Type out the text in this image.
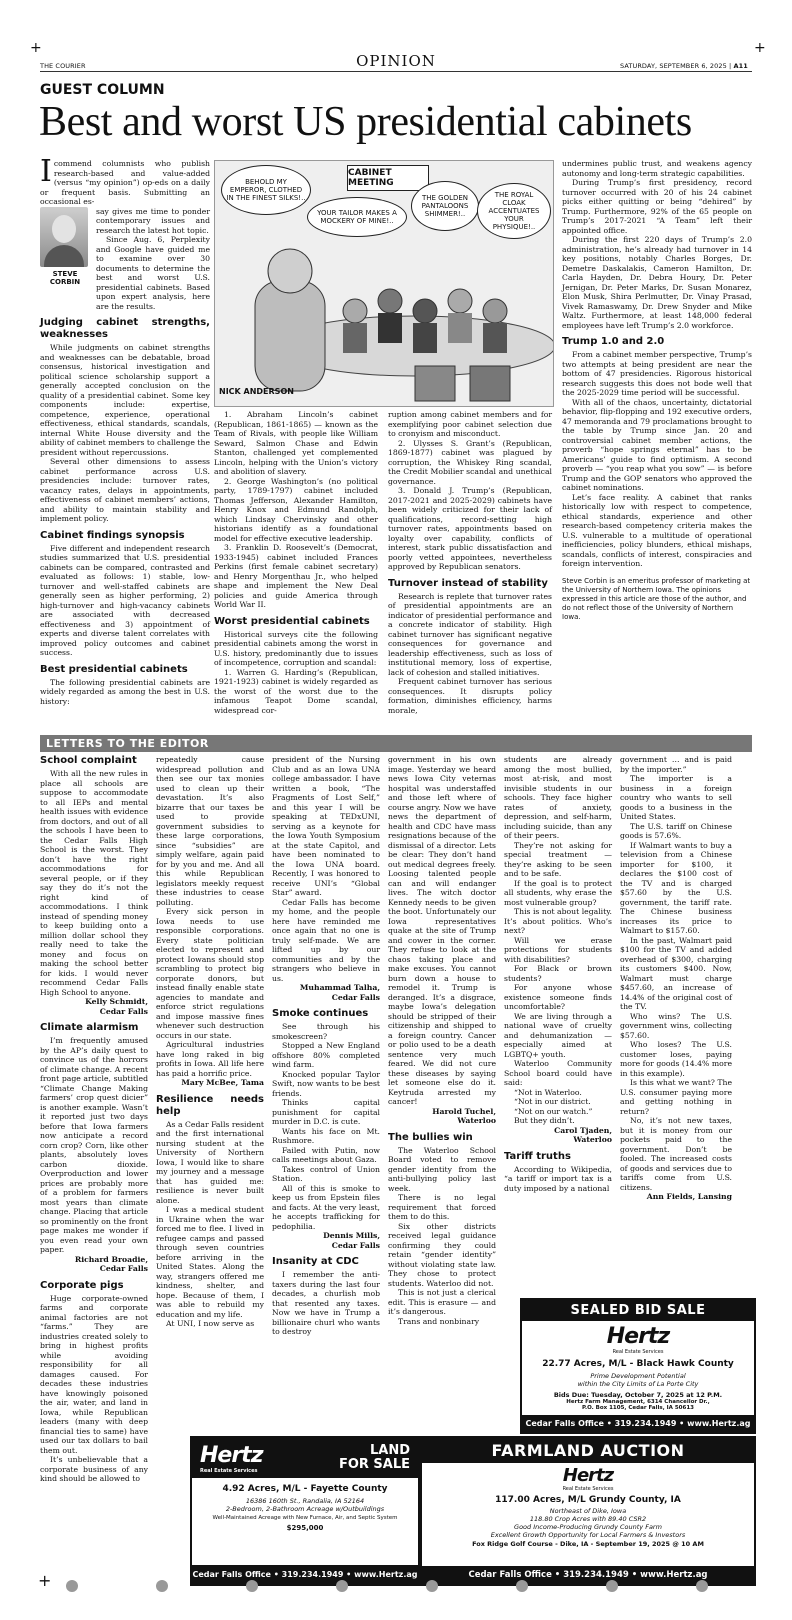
+	+
+
THE COURIER	OPINION	SATURDAY, SEPTEMBER 6, 2025 | A11
GUEST COLUMN
Best and worst US presidential cabinets
I commend columnists who publish research-based and value-added (versus “my opinion”) op-eds on a daily or frequent basis. Submitting an occasional es-
STEVE
CORBIN

say gives me time to ponder contemporary issues and research the latest hot topic.

Since Aug. 6, Perplexity and Google have guided me to examine over 30 documents to determine the best and worst U.S. presidential cabinets. Based upon expert analysis, here are the results.

Judging cabinet strengths, weaknesses

While judgments on cabinet strengths and weaknesses can be debatable, broad consensus, historical investigation and political science scholarship support a generally accepted conclusion on the quality of a presidential cabinet. Some key components include: expertise, competence, experience, operational effectiveness, ethical standards, scandals, internal White House diversity and the ability of cabinet members to challenge the president without repercussions.

Several other dimensions to assess cabinet performance across U.S. presidencies include: turnover rates, vacancy rates, delays in appointments, effectiveness of cabinet members’ actions, and ability to maintain stability and implement policy.

Cabinet findings synopsis

Five different and independent research studies summarized that U.S. presidential cabinets can be compared, contrasted and evaluated as follows: 1) stable, low-turnover and well-staffed cabinets are generally seen as higher performing, 2) high-turnover and high-vacancy cabinets are associated with decreased effectiveness and 3) appointment of experts and diverse talent correlates with improved policy outcomes and cabinet success.

Best presidential cabinets

The following presidential cabinets are widely regarded as among the best in U.S. history:

CABINET MEETING
BEHOLD MY EMPEROR, CLOTHED IN THE FINEST SILKS!..
YOUR TAILOR MAKES A MOCKERY OF MINE!..
THE GOLDEN PANTALOONS SHIMMER!..
THE ROYAL CLOAK ACCENTUATES YOUR PHYSIQUE!..
NICK ANDERSON

1. Abraham Lincoln’s cabinet (Republican, 1861-1865) — known as the Team of Rivals, with people like William Seward, Salmon Chase and Edwin Stanton, challenged yet complemented Lincoln, helping with the Union’s victory and abolition of slavery.

2. George Washington’s (no political party, 1789-1797) cabinet included Thomas Jefferson, Alexander Hamilton, Henry Knox and Edmund Randolph, which Lindsay Chervinsky and other historians identify as a foundational model for effective executive leadership.

3. Franklin D. Roosevelt’s (Democrat, 1933-1945) cabinet included Frances Perkins (first female cabinet secretary) and Henry Morgenthau Jr., who helped shape and implement the New Deal policies and guide America through World War II.

Worst presidential cabinets

Historical surveys cite the following presidential cabinets among the worst in U.S. history, predominantly due to issues of incompetence, corruption and scandal:

1. Warren G. Harding’s (Republican, 1921-1923) cabinet is widely regarded as the worst of the worst due to the infamous Teapot Dome scandal, widespread cor-

ruption among cabinet members and for exemplifying poor cabinet selection due to cronyism and misconduct.

2. Ulysses S. Grant’s (Republican, 1869-1877) cabinet was plagued by corruption, the Whiskey Ring scandal, the Credit Mobilier scandal and unethical governance.

3. Donald J. Trump’s (Republican, 2017-2021 and 2025-2029) cabinets have been widely criticized for their lack of qualifications, record-setting high turnover rates, appointments based on loyalty over capability, conflicts of interest, stark public dissatisfaction and poorly vetted appointees, nevertheless approved by Republican senators.

Turnover instead of stability

Research is replete that turnover rates of presidential appointments are an indicator of presidential performance and a concrete indicator of stability. High cabinet turnover has significant negative consequences for governance and leadership effectiveness, such as loss of institutional memory, loss of expertise, lack of cohesion and stalled initiatives.

Frequent cabinet turnover has serious consequences. It disrupts policy formation, diminishes efficiency, harms morale,

undermines public trust, and weakens agency autonomy and long-term strategic capabilities.

During Trump’s first presidency, record turnover occurred with 20 of his 24 cabinet picks either quitting or being “dehired” by Trump. Furthermore, 92% of the 65 people on Trump’s 2017-2021 “A Team” left their appointed office.

During the first 220 days of Trump’s 2.0 administration, he’s already had turnover in 14 key positions, notably Charles Borges, Dr. Demetre Daskalakis, Cameron Hamilton, Dr. Carla Hayden, Dr. Debra Houry, Dr. Peter Jernigan, Dr. Peter Marks, Dr. Susan Monarez, Elon Musk, Shira Perlmutter, Dr. Vinay Prasad, Vivek Ramaswamy, Dr. Drew Snyder and Mike Waltz. Furthermore, at least 148,000 federal employees have left Trump’s 2.0 workforce.

Trump 1.0 and 2.0

From a cabinet member perspective, Trump’s two attempts at being president are near the bottom of 47 presidencies. Rigorous historical research suggests this does not bode well that the 2025-2029 time period will be successful.

With all of the chaos, uncertainty, dictatorial behavior, flip-flopping and 192 executive orders, 47 memoranda and 79 proclamations brought to the table by Trump since Jan. 20 and controversial cabinet member actions, the proverb “hope springs eternal” has to be Americans’ guide to find optimism. A second proverb — “you reap what you sow” — is before Trump and the GOP senators who approved the cabinet nominations.

Let’s face reality. A cabinet that ranks historically low with respect to competence, ethical standards, experience and other research-based competency criteria makes the U.S. vulnerable to a multitude of operational inefficiencies, policy blunders, ethical mishaps, scandals, conflicts of interest, conspiracies and foreign intervention.

Steve Corbin is an emeritus professor of marketing at the University of Northern Iowa. The opinions expressed in this article are those of the author, and do not reflect those of the University of Northern Iowa.

LETTERS TO THE EDITOR
School complaint

With all the new rules in place all schools are suppose to accommodate to all IEPs and mental health issues with evidence from doctors, and out of all the schools I have been to the Cedar Falls High School is the worst. They don’t have the right accommodations for several people, or if they say they do it’s not the right kind of accommodations. I think instead of spending money to keep building onto a million dollar school they really need to take the money and focus on making the school better for kids. I would never recommend Cedar Falls High School to anyone.

Kelly Schmidt,
Cedar Falls
Climate alarmism

I’m frequently amused by the AP’s daily quest to convince us of the horrors of climate change. A recent front page article, subtitled “Climate Change Making farmers’ crop quest dicier” is another example. Wasn’t it reported just two days before that Iowa farmers now anticipate a record corn crop? Corn, like other plants, absolutely loves carbon dioxide. Overproduction and lower prices are probably more of a problem for farmers most years than climate change. Placing that article so prominently on the front page makes me wonder if you even read your own paper.

Richard Broadie,
Cedar Falls
Corporate pigs

Huge corporate-owned farms and corporate animal factories are not “farms.” They are industries created solely to bring in highest profits while avoiding responsibility for all damages caused. For decades these industries have knowingly poisoned the air, water, and land in Iowa, while Republican leaders (many with deep financial ties to same) have used our tax dollars to bail them out.

It’s unbelievable that a corporate business of any kind should be allowed to

repeatedly cause widespread pollution and then see our tax monies used to clean up their devastation. It’s also bizarre that our taxes be used to provide government subsidies to these large corporations, since “subsidies” are simply welfare, again paid for by you and me. And all this while Republican legislators meekly request these industries to cease polluting.

Every sick person in Iowa needs to use responsible corporations. Every state politician elected to represent and protect Iowans should stop scrambling to protect big corporate donors, but instead finally enable state agencies to mandate and enforce strict regulations and impose massive fines whenever such destruction occurs in our state.

Agricultural industries have long raked in big profits in Iowa. All life here has paid a horrific price.

Mary McBee, Tama
Resilience needs help

As a Cedar Falls resident and the first international nursing student at the University of Northern Iowa, I would like to share my journey and a message that has guided me: resilience is never built alone.

I was a medical student in Ukraine when the war forced me to flee. I lived in refugee camps and passed through seven countries before arriving in the United States. Along the way, strangers offered me kindness, shelter, and hope. Because of them, I was able to rebuild my education and my life.

At UNI, I now serve as

president of the Nursing Club and as an Iowa UNA college ambassador. I have written a book, “The Fragments of Lost Self,” and this year I will be speaking at TEDxUNI, serving as a keynote for the Iowa Youth Symposium at the state Capitol, and have been nominated to the Iowa UNA board. Recently, I was honored to receive UNI’s “Global Star” award.

Cedar Falls has become my home, and the people here have reminded me once again that no one is truly self-made. We are lifted up by our communities and by the strangers who believe in us.

Muhammad Talha,
Cedar Falls
Smoke continues

See through his smokescreen?

Stopped a New England offshore 80% completed wind farm.

Knocked popular Taylor Swift, now wants to be best friends.

Thinks capital punishment for capital murder in D.C. is cute.

Wants his face on Mt. Rushmore.

Failed with Putin, now calls meetings about Gaza.

Takes control of Union Station.

All of this is smoke to keep us from Epstein files and facts. At the very least, he accepts trafficking for pedophilia.

Dennis Mills,
Cedar Falls
Insanity at CDC

I remember the anti-taxers during the last four decades, a churlish mob that resented any taxes. Now we have in Trump a billionaire churl who wants to destroy

government in his own image. Yesterday we heard news Iowa City veternas hospital was understaffed and those left where of course angry. Now we have news the department of health and CDC have mass resignations because of the dismissal of a director. Lets be clear: They don’t hand out medical degrees freely. Loosing talented people can and will endanger lives. The witch doctor Kennedy needs to be given the boot. Unfortunately our Iowa representatives quake at the site of Trump and cower in the corner. They refuse to look at the chaos taking place and make excuses. You cannot burn down a house to remodel it. Trump is deranged. It’s a disgrace, maybe Iowa’s delegation should be stripped of their citizenship and shipped to a foreign country. Cancer or polio used to be a death sentence very much feared. We did not cure these diseases by saying let someone else do it. Keytruda arrested my cancer!

Harold Tuchel,
Waterloo
The bullies win

The Waterloo School Board voted to remove gender identity from the anti-bullying policy last week.

There is no legal requirement that forced them to do this.

Six other districts received legal guidance confirming they could retain “gender identity” without violating state law. They chose to protect students. Waterloo did not.

This is not just a clerical edit. This is erasure — and it’s dangerous.

Trans and nonbinary

students are already among the most bullied, most at-risk, and most invisible students in our schools. They face higher rates of anxiety, depression, and self-harm, including suicide, than any of their peers.

They’re not asking for special treatment — they’re asking to be seen and to be safe.

If the goal is to protect all students, why erase the most vulnerable group?

This is not about legality. It’s about politics. Who’s next?

Will we erase protections for students with disabilities?

For Black or brown students?

For anyone whose existence someone finds uncomfortable?

We are living through a national wave of cruelty and dehumanization — especially aimed at LGBTQ+ youth.

Waterloo Community School board could have said:

“Not in Waterloo.

“Not in our district.

“Not on our watch.”

But they didn’t.

Carol Tjaden,
Waterloo
Tariff truths

According to Wikipedia, “a tariff or import tax is a duty imposed by a national

government … and is paid by the importer.”

The importer is a business in a foreign country who wants to sell goods to a business in the United States.

The U.S. tariff on Chinese goods is 57.6%.

If Walmart wants to buy a television from a Chinese importer for $100, it declares the $100 cost of the TV and is charged $57.60 by the U.S. government, the tariff rate. The Chinese business increases its price to Walmart to $157.60.

In the past, Walmart paid $100 for the TV and added overhead of $300, charging its customers $400. Now, Walmart must charge $457.60, an increase of 14.4% of the original cost of the TV.

Who wins? The U.S. government wins, collecting $57.60.

Who loses? The U.S. customer loses, paying more for goods (14.4% more in this example).

Is this what we want? The U.S. consumer paying more and getting nothing in return?

No, it’s not new taxes, but it is money from our pockets paid to the government. Don’t be fooled. The increased costs of goods and services due to tariffs come from U.S. citizens.

Ann Fields, Lansing
SEALED BID SALE
Hertz
Real Estate Services
22.77 Acres, M/L - Black Hawk County
Prime Development Potential
within the City Limits of La Porte City
Bids Due: Tuesday, October 7, 2025 at 12 P.M.
Hertz Farm Management, 6314 Chancellor Dr.,
P.O. Box 1105, Cedar Falls, IA 50613
Cedar Falls Office • 319.234.1949 • www.Hertz.ag
Hertz
Real Estate Services
LAND
FOR SALE
4.92 Acres, M/L - Fayette County
16386 160th St., Randalia, IA 52164
2-Bedroom, 2-Bathroom Acreage w/Outbuildings
Well-Maintained Acreage with New Furnace, Air, and Septic System
$295,000
Cedar Falls Office • 319.234.1949 • www.Hertz.ag
FARMLAND AUCTION
Hertz
Real Estate Services
117.00 Acres, M/L Grundy County, IA
Northeast of Dike, Iowa
118.80 Crop Acres with 89.40 CSR2
Good Income-Producing Grundy County Farm
Excellent Growth Opportunity for Local Farmers & Investors
Fox Ridge Golf Course - Dike, IA - September 19, 2025 @ 10 AM
Cedar Falls Office • 319.234.1949 • www.Hertz.ag
